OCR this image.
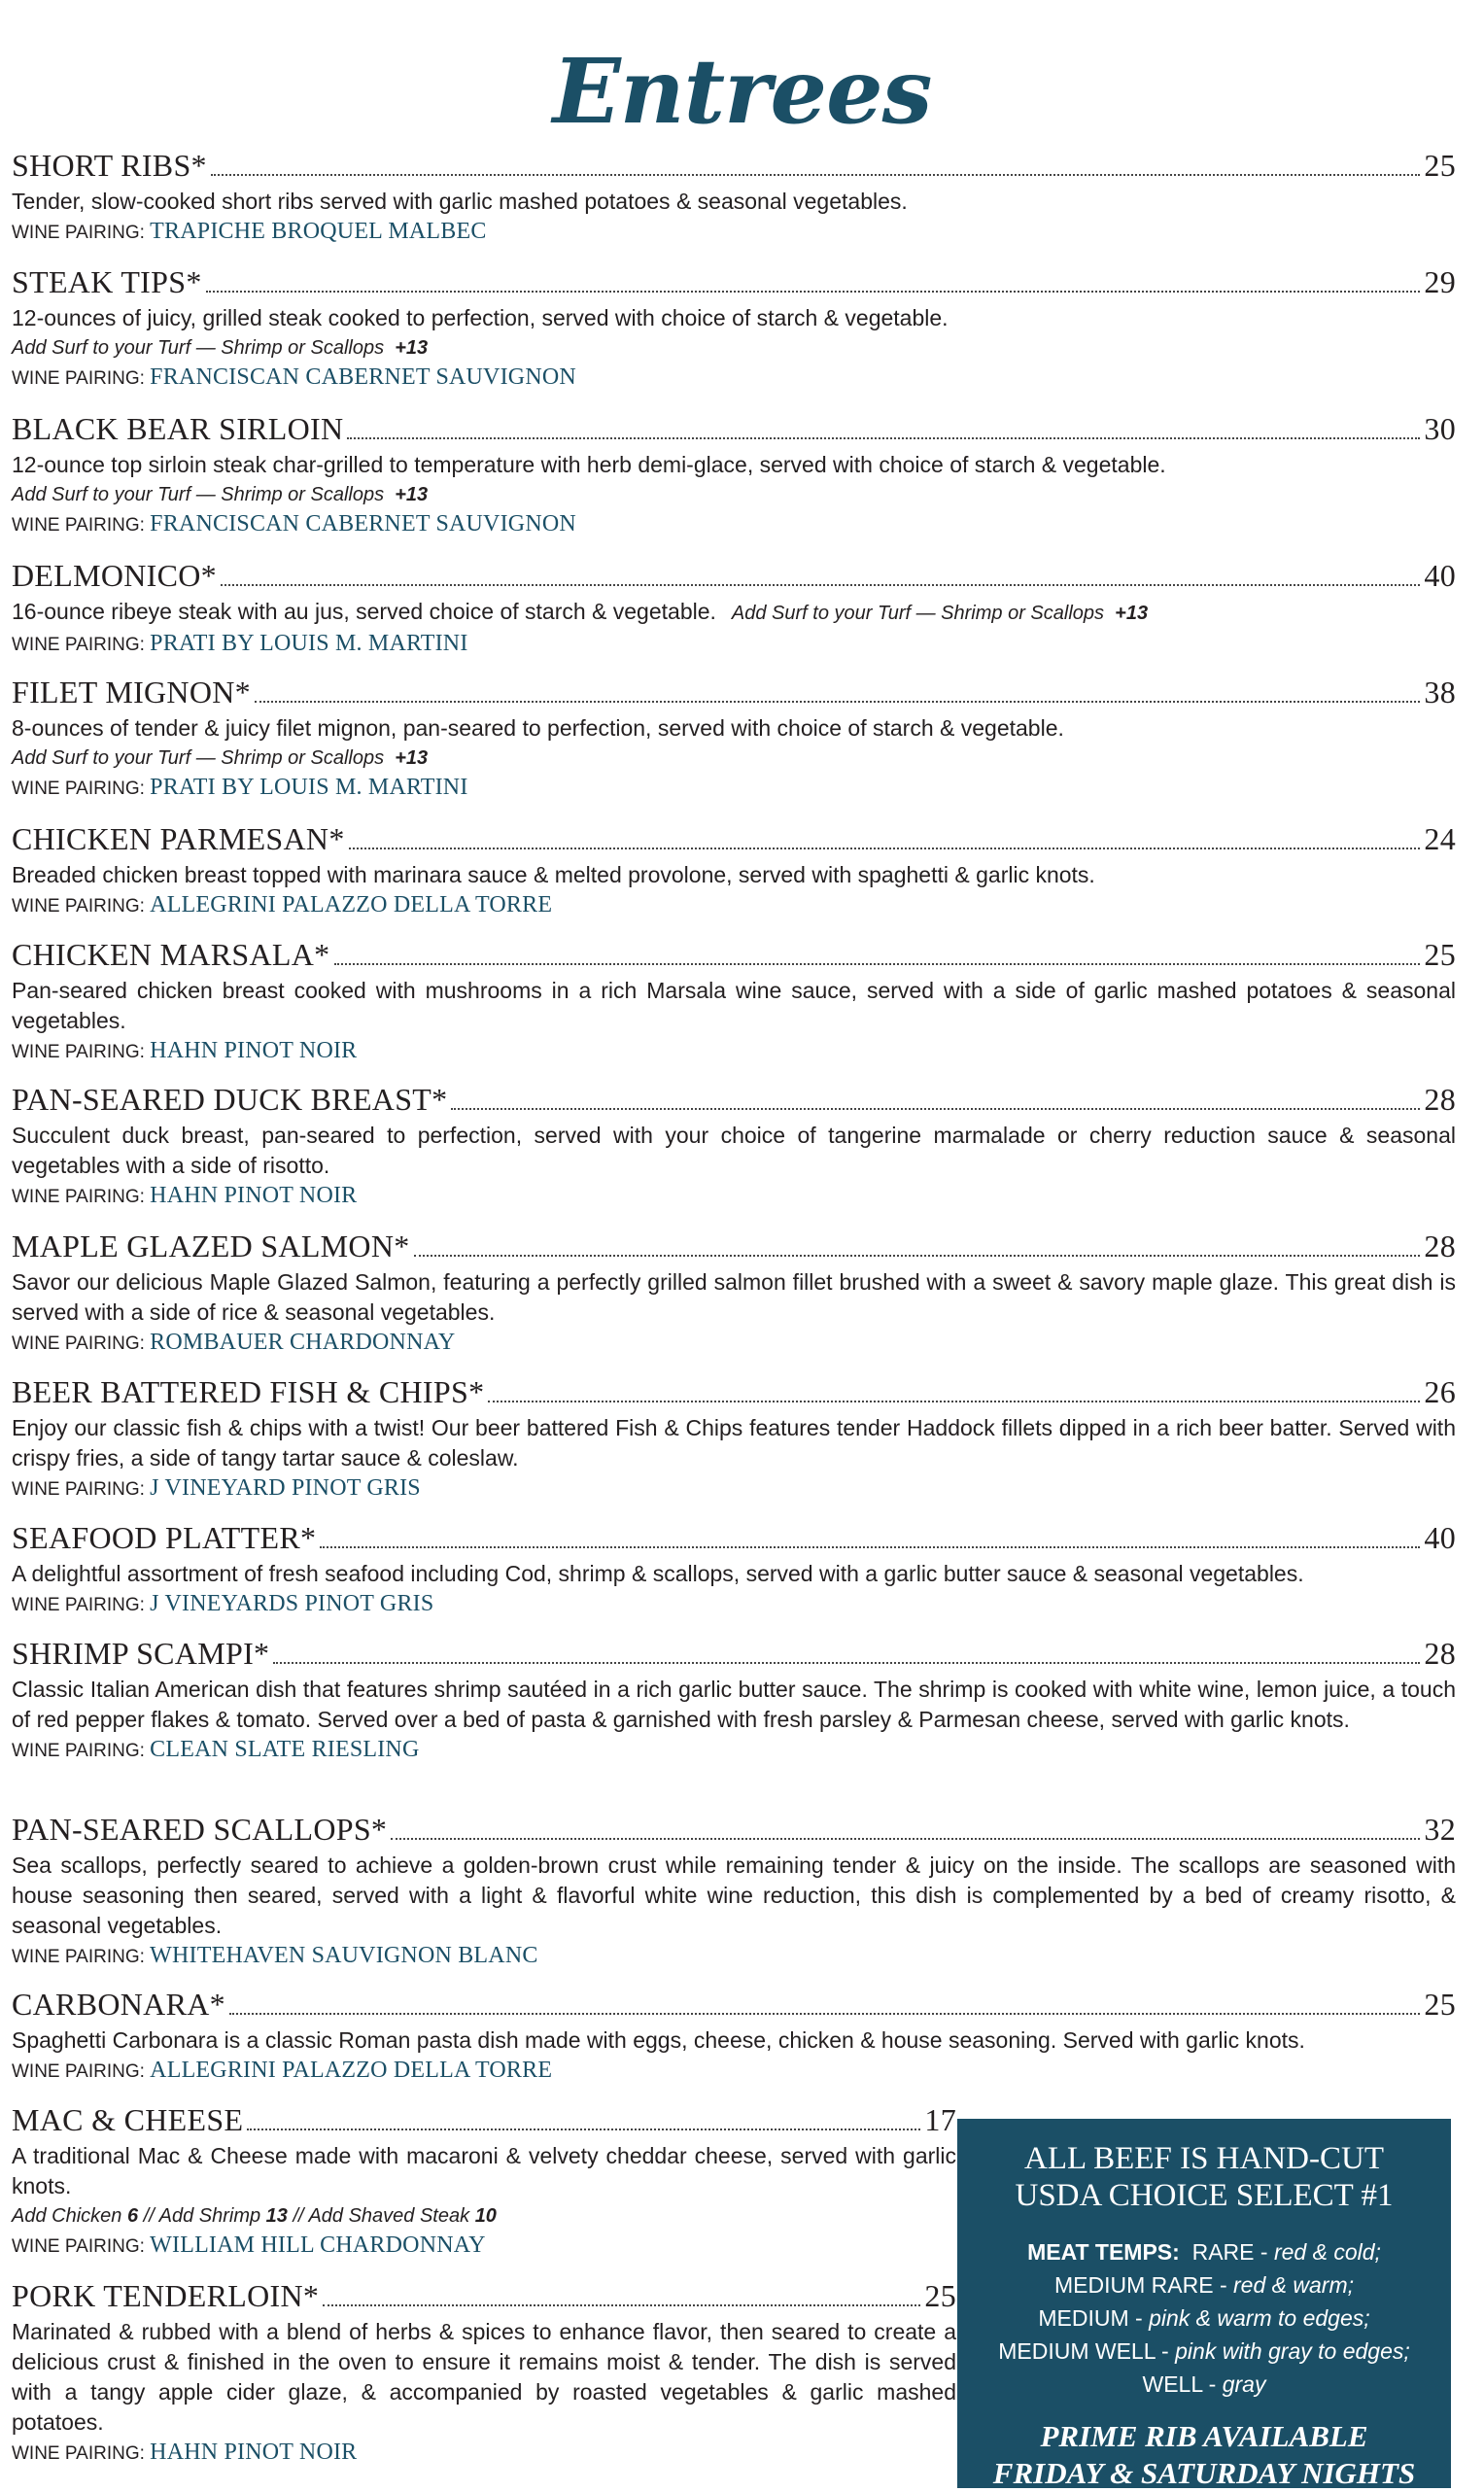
Entrees
SHORT RIBS*	25
Tender, slow-cooked short ribs served with garlic mashed potatoes & seasonal vegetables.
WINE PAIRING: TRAPICHE BROQUEL MALBEC
STEAK TIPS*	29
12-ounces of juicy, grilled steak cooked to perfection, served with choice of starch & vegetable.
Add Surf to your Turf — Shrimp or Scallops +13
WINE PAIRING: FRANCISCAN CABERNET SAUVIGNON
BLACK BEAR SIRLOIN	30
12-ounce top sirloin steak char-grilled to temperature with herb demi-glace, served with choice of starch & vegetable.
Add Surf to your Turf — Shrimp or Scallops +13
WINE PAIRING: FRANCISCAN CABERNET SAUVIGNON
DELMONICO*	40
16-ounce ribeye steak with au jus, served choice of starch & vegetable. Add Surf to your Turf — Shrimp or Scallops +13
WINE PAIRING: PRATI BY LOUIS M. MARTINI
FILET MIGNON*	38
8-ounces of tender & juicy filet mignon, pan-seared to perfection, served with choice of starch & vegetable.
Add Surf to your Turf — Shrimp or Scallops +13
WINE PAIRING: PRATI BY LOUIS M. MARTINI
CHICKEN PARMESAN*	24
Breaded chicken breast topped with marinara sauce & melted provolone, served with spaghetti & garlic knots.
WINE PAIRING: ALLEGRINI PALAZZO DELLA TORRE
CHICKEN MARSALA*	25
Pan-seared chicken breast cooked with mushrooms in a rich Marsala wine sauce, served with a side of garlic mashed potatoes & seasonal vegetables.
WINE PAIRING: HAHN PINOT NOIR
PAN-SEARED DUCK BREAST*	28
Succulent duck breast, pan-seared to perfection, served with your choice of tangerine marmalade or cherry reduction sauce & seasonal vegetables with a side of risotto.
WINE PAIRING: HAHN PINOT NOIR
MAPLE GLAZED SALMON*	28
Savor our delicious Maple Glazed Salmon, featuring a perfectly grilled salmon fillet brushed with a sweet & savory maple glaze. This great dish is served with a side of rice & seasonal vegetables.
WINE PAIRING: ROMBAUER CHARDONNAY
BEER BATTERED FISH & CHIPS*	26
Enjoy our classic fish & chips with a twist! Our beer battered Fish & Chips features tender Haddock fillets dipped in a rich beer batter. Served with crispy fries, a side of tangy tartar sauce & coleslaw.
WINE PAIRING: J VINEYARD PINOT GRIS
SEAFOOD PLATTER*	40
A delightful assortment of fresh seafood including Cod, shrimp & scallops, served with a garlic butter sauce & seasonal vegetables.
WINE PAIRING: J VINEYARDS PINOT GRIS
SHRIMP SCAMPI*	28
Classic Italian American dish that features shrimp sautéed in a rich garlic butter sauce. The shrimp is cooked with white wine, lemon juice, a touch of red pepper flakes & tomato. Served over a bed of pasta & garnished with fresh parsley & Parmesan cheese, served with garlic knots.
WINE PAIRING: CLEAN SLATE RIESLING
PAN-SEARED SCALLOPS*	32
Sea scallops, perfectly seared to achieve a golden-brown crust while remaining tender & juicy on the inside. The scallops are seasoned with house seasoning then seared, served with a light & flavorful white wine reduction, this dish is complemented by a bed of creamy risotto, & seasonal vegetables.
WINE PAIRING: WHITEHAVEN SAUVIGNON BLANC
CARBONARA*	25
Spaghetti Carbonara is a classic Roman pasta dish made with eggs, cheese, chicken & house seasoning. Served with garlic knots.
WINE PAIRING: ALLEGRINI PALAZZO DELLA TORRE
MAC & CHEESE	17
A traditional Mac & Cheese made with macaroni & velvety cheddar cheese, served with garlic knots.
Add Chicken 6 // Add Shrimp 13 // Add Shaved Steak 10
WINE PAIRING: WILLIAM HILL CHARDONNAY
PORK TENDERLOIN*	25
Marinated & rubbed with a blend of herbs & spices to enhance flavor, then seared to create a delicious crust & finished in the oven to ensure it remains moist & tender. The dish is served with a tangy apple cider glaze, & accompanied by roasted vegetables & garlic mashed potatoes.
WINE PAIRING: HAHN PINOT NOIR
ALL BEEF IS HAND-CUT
USDA CHOICE SELECT #1
MEAT TEMPS: RARE - red & cold;
MEDIUM RARE - red & warm;
MEDIUM - pink & warm to edges;
MEDIUM WELL - pink with gray to edges;
WELL - gray
PRIME RIB AVAILABLE
FRIDAY & SATURDAY NIGHTS
